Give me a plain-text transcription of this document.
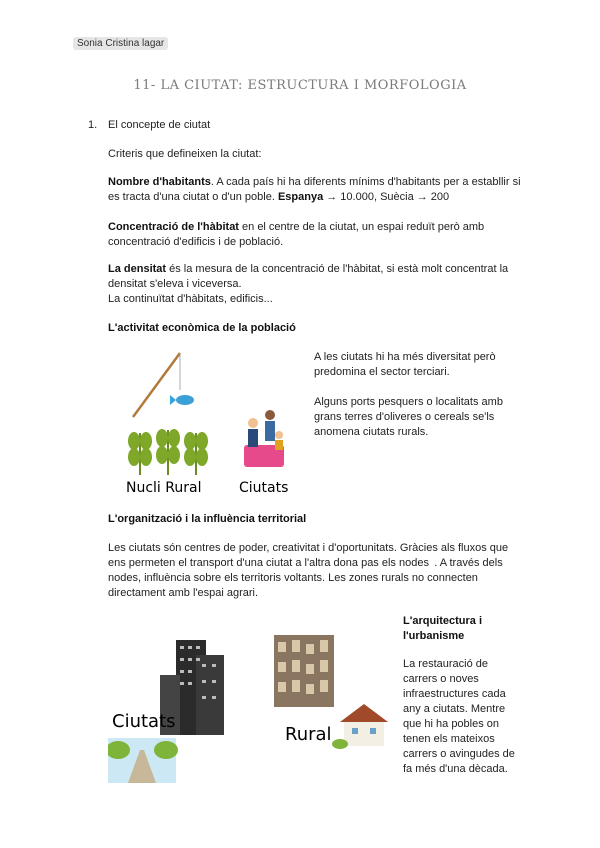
Sonia Cristina lagar
11- LA CIUTAT: ESTRUCTURA I MORFOLOGIA
1. El concepte de ciutat
Criteris que defineixen la ciutat:
Nombre d'habitants. A cada país hi ha diferents mínims d'habitants per a establlir si
es tracta d'una ciutat o d'un poble. Espanya → 10.000, Suècia → 200
Concentració de l'hàbitat en el centre de la ciutat, un espai reduït però amb
concentració d'edificis i de població.
La densitat és la mesura de la concentració de l'hàbitat, si està molt concentrat la
densitat s'eleva i viceversa.
La continuïtat d'hàbitats, edificis...
L'activitat econòmica de la població
Nucli Rural	Ciutats
A les ciutats hi ha més diversitat però
predomina el sector terciari.
Alguns ports pesquers o localitats amb
grans terres d'oliveres o cereals se'ls
anomena ciutats rurals.
L'organització i la influència territorial
Les ciutats són centres de poder, creativitat i d'oportunitats. Gràcies als fluxos que
ens permeten el transport d'una ciutat a l'altra dona pas els nodes  . A través dels
nodes, influència sobre els territoris voltants. Les zones rurals no connecten
directament amb l'espai agrari.
Ciutats
Rural
L'arquitectura i
l'urbanisme
La restauració de
carrers o noves
infraestructures cada
any a ciutats. Mentre
que hi ha pobles on
tenen els mateixos
carrers o avingudes de
fa més d'una dècada.
